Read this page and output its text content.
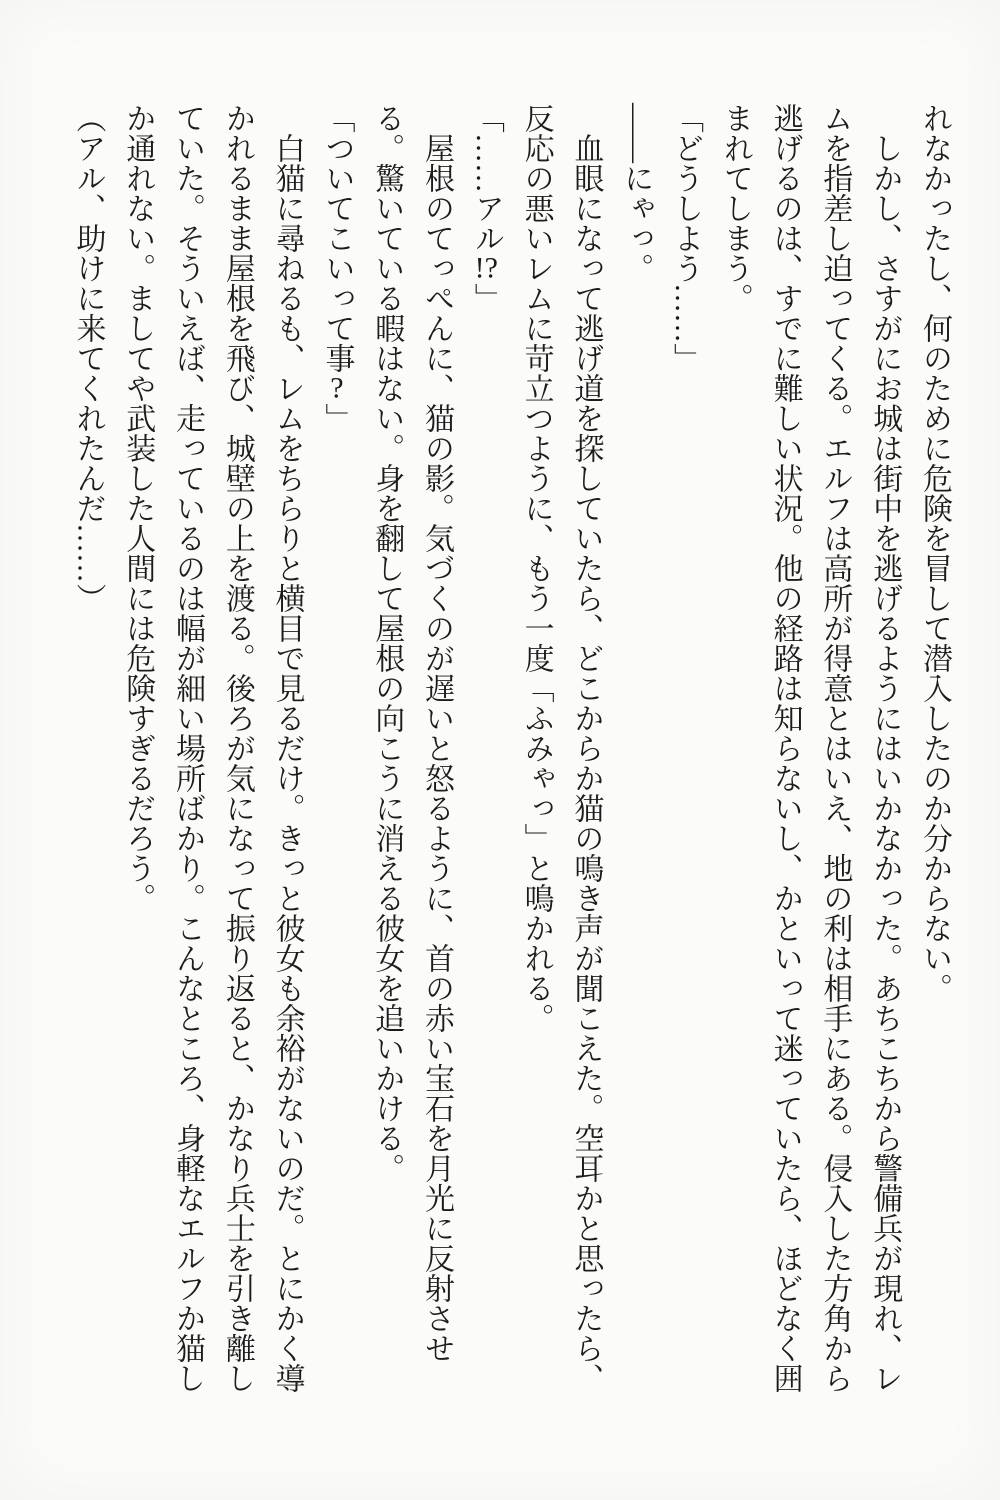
れなかったし、何のために危険を冒して潜入したのか分からない。

しかし、さすがにお城は街中を逃げるようにはいかなかった。あちこちから警備兵が現れ、レムを指差し迫ってくる。エルフは高所が得意とはいえ、地の利は相手にある。侵入した方角から逃げるのは、すでに難しい状況。他の経路は知らないし、かといって迷っていたら、ほどなく囲まれてしまう。

「どうしよう……」

――にゃっ。

血眼になって逃げ道を探していたら、どこからか猫の鳴き声が聞こえた。空耳かと思ったら、反応の悪いレムに苛立つように、もう一度「ふみゃっ」と鳴かれる。

「……アル!?」

屋根のてっぺんに、猫の影。気づくのが遅いと怒るように、首の赤い宝石を月光に反射させる。驚いている暇はない。身を翻して屋根の向こうに消える彼女を追いかける。

「ついてこいって事?」

白猫に尋ねるも、レムをちらりと横目で見るだけ。きっと彼女も余裕がないのだ。とにかく導かれるまま屋根を飛び、城壁の上を渡る。後ろが気になって振り返ると、かなり兵士を引き離していた。そういえば、走っているのは幅が細い場所ばかり。こんなところ、身軽なエルフか猫しか通れない。ましてや武装した人間には危険すぎるだろう。

（アル、助けに来てくれたんだ……）
